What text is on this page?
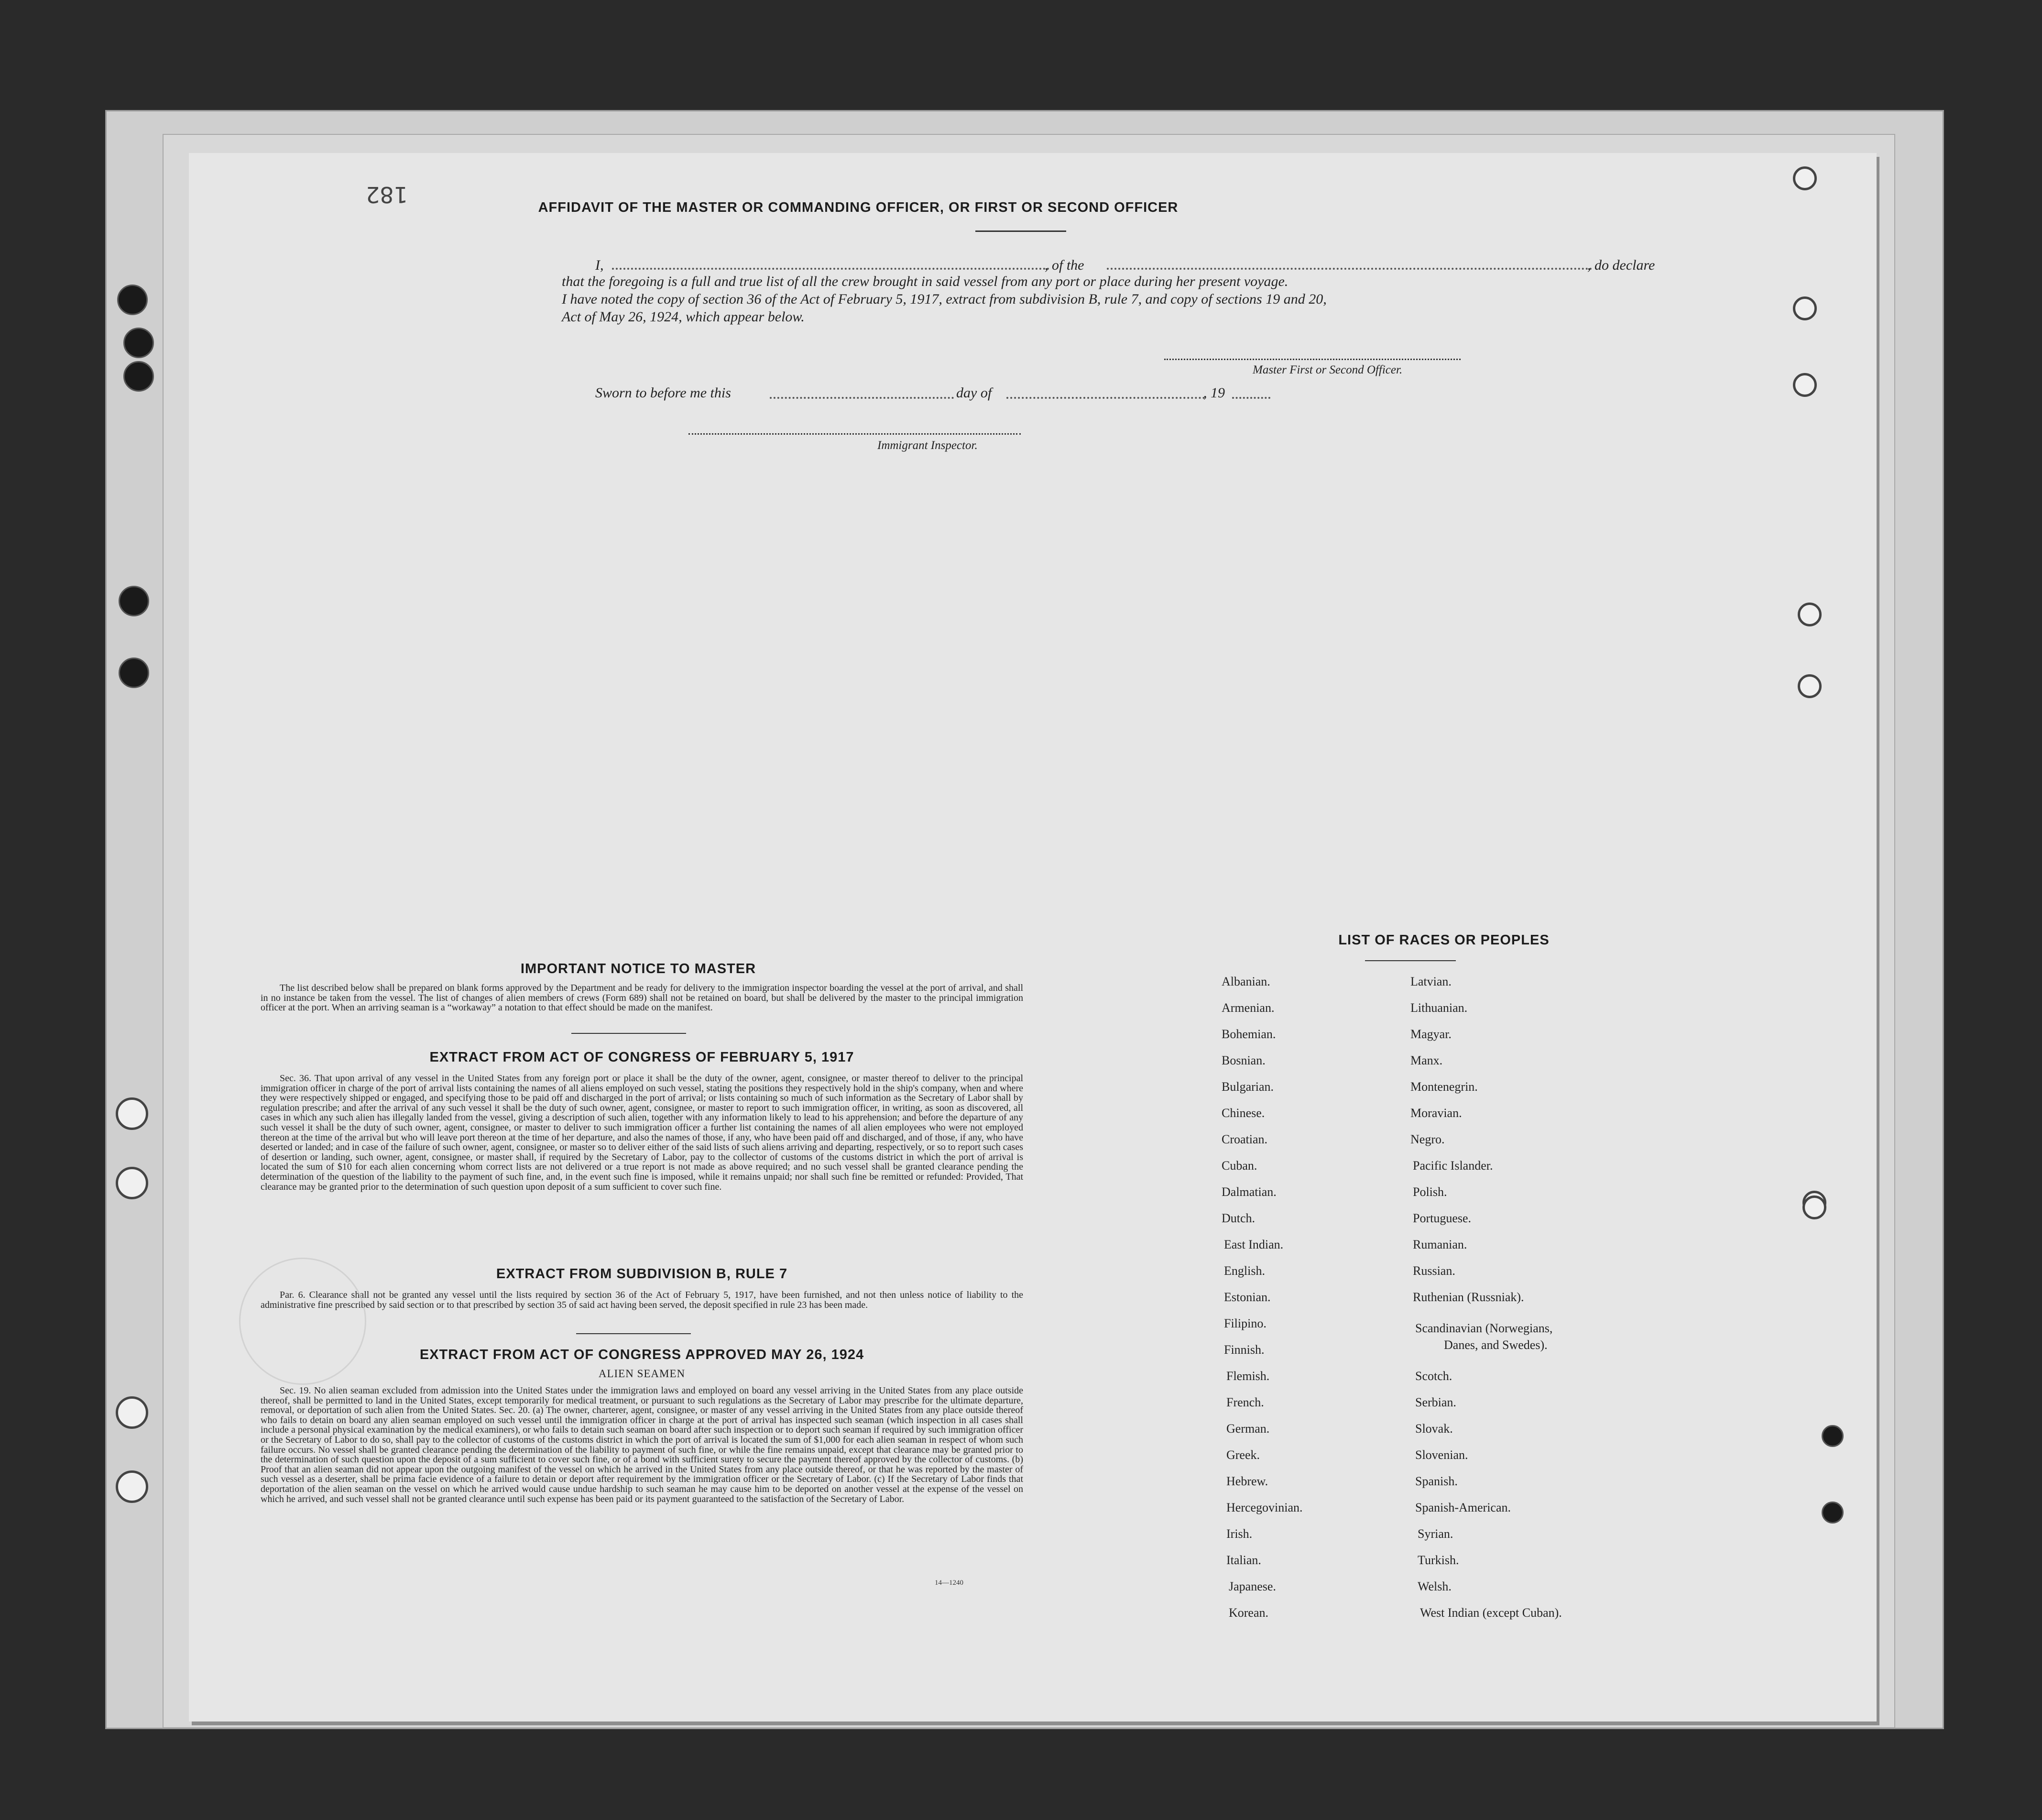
182	AFFIDAVIT OF THE MASTER OR COMMANDING OFFICER, OR FIRST OR SECOND OFFICER
I,	, of the	, do declare
that the foregoing is a full and true list of all the crew brought in said vessel from any port or place during her present voyage.
I have noted the copy of section 36 of the Act of February 5, 1917, extract from subdivision B, rule 7, and copy of sections 19 and 20,
Act of May 26, 1924, which appear below.
Master First or Second Officer.
Sworn to before me this	day of	, 19
Immigrant Inspector.
IMPORTANT NOTICE TO MASTER
The list described below shall be prepared on blank forms approved by the Department and be ready for delivery to the immigration inspector boarding the vessel at the port of arrival, and shall in no instance be taken from the vessel. The list of changes of alien members of crews (Form 689) shall not be retained on board, but shall be delivered by the master to the principal immigration officer at the port. When an arriving seaman is a “workaway” a notation to that effect should be made on the manifest.
EXTRACT FROM ACT OF CONGRESS OF FEBRUARY 5, 1917
Sec. 36. That upon arrival of any vessel in the United States from any foreign port or place it shall be the duty of the owner, agent, consignee, or master thereof to deliver to the principal immigration officer in charge of the port of arrival lists containing the names of all aliens employed on such vessel, stating the positions they respectively hold in the ship's company, when and where they were respectively shipped or engaged, and specifying those to be paid off and discharged in the port of arrival; or lists containing so much of such information as the Secretary of Labor shall by regulation prescribe; and after the arrival of any such vessel it shall be the duty of such owner, agent, consignee, or master to report to such immigration officer, in writing, as soon as discovered, all cases in which any such alien has illegally landed from the vessel, giving a description of such alien, together with any information likely to lead to his apprehension; and before the departure of any such vessel it shall be the duty of such owner, agent, consignee, or master to deliver to such immigration officer a further list containing the names of all alien employees who were not employed thereon at the time of the arrival but who will leave port thereon at the time of her departure, and also the names of those, if any, who have been paid off and discharged, and of those, if any, who have deserted or landed; and in case of the failure of such owner, agent, consignee, or master so to deliver either of the said lists of such aliens arriving and departing, respectively, or so to report such cases of desertion or landing, such owner, agent, consignee, or master shall, if required by the Secretary of Labor, pay to the collector of customs of the customs district in which the port of arrival is located the sum of $10 for each alien concerning whom correct lists are not delivered or a true report is not made as above required; and no such vessel shall be granted clearance pending the determination of the question of the liability to the payment of such fine, and, in the event such fine is imposed, while it remains unpaid; nor shall such fine be remitted or refunded: Provided, That clearance may be granted prior to the determination of such question upon deposit of a sum sufficient to cover such fine.
EXTRACT FROM SUBDIVISION B, RULE 7
Par. 6. Clearance shall not be granted any vessel until the lists required by section 36 of the Act of February 5, 1917, have been furnished, and not then unless notice of liability to the administrative fine prescribed by said section or to that prescribed by section 35 of said act having been served, the deposit specified in rule 23 has been made.
EXTRACT FROM ACT OF CONGRESS APPROVED MAY 26, 1924
ALIEN SEAMEN
Sec. 19. No alien seaman excluded from admission into the United States under the immigration laws and employed on board any vessel arriving in the United States from any place outside thereof, shall be permitted to land in the United States, except temporarily for medical treatment, or pursuant to such regulations as the Secretary of Labor may prescribe for the ultimate departure, removal, or deportation of such alien from the United States. Sec. 20. (a) The owner, charterer, agent, consignee, or master of any vessel arriving in the United States from any place outside thereof who fails to detain on board any alien seaman employed on such vessel until the immigration officer in charge at the port of arrival has inspected such seaman (which inspection in all cases shall include a personal physical examination by the medical examiners), or who fails to detain such seaman on board after such inspection or to deport such seaman if required by such immigration officer or the Secretary of Labor to do so, shall pay to the collector of customs of the customs district in which the port of arrival is located the sum of $1,000 for each alien seaman in respect of whom such failure occurs. No vessel shall be granted clearance pending the determination of the liability to payment of such fine, or while the fine remains unpaid, except that clearance may be granted prior to the determination of such question upon the deposit of a sum sufficient to cover such fine, or of a bond with sufficient surety to secure the payment thereof approved by the collector of customs. (b) Proof that an alien seaman did not appear upon the outgoing manifest of the vessel on which he arrived in the United States from any place outside thereof, or that he was reported by the master of such vessel as a deserter, shall be prima facie evidence of a failure to detain or deport after requirement by the immigration officer or the Secretary of Labor. (c) If the Secretary of Labor finds that deportation of the alien seaman on the vessel on which he arrived would cause undue hardship to such seaman he may cause him to be deported on another vessel at the expense of the vessel on which he arrived, and such vessel shall not be granted clearance until such expense has been paid or its payment guaranteed to the satisfaction of the Secretary of Labor.
14—1240
LIST OF RACES OR PEOPLES
Albanian.
Armenian.
Bohemian.
Bosnian.
Bulgarian.
Chinese.
Croatian.
Cuban.
Dalmatian.
Dutch.
East Indian.
English.
Estonian.
Filipino.
Finnish.
Flemish.
French.
German.
Greek.
Hebrew.
Hercegovinian.
Irish.
Italian.
Japanese.
Korean.
Latvian.
Lithuanian.
Magyar.
Manx.
Montenegrin.
Moravian.
Negro.
Pacific Islander.
Polish.
Portuguese.
Rumanian.
Russian.
Ruthenian (Russniak).
Scandinavian (Norwegians,
Danes, and Swedes).
Scotch.
Serbian.
Slovak.
Slovenian.
Spanish.
Spanish-American.
Syrian.
Turkish.
Welsh.
West Indian (except Cuban).
